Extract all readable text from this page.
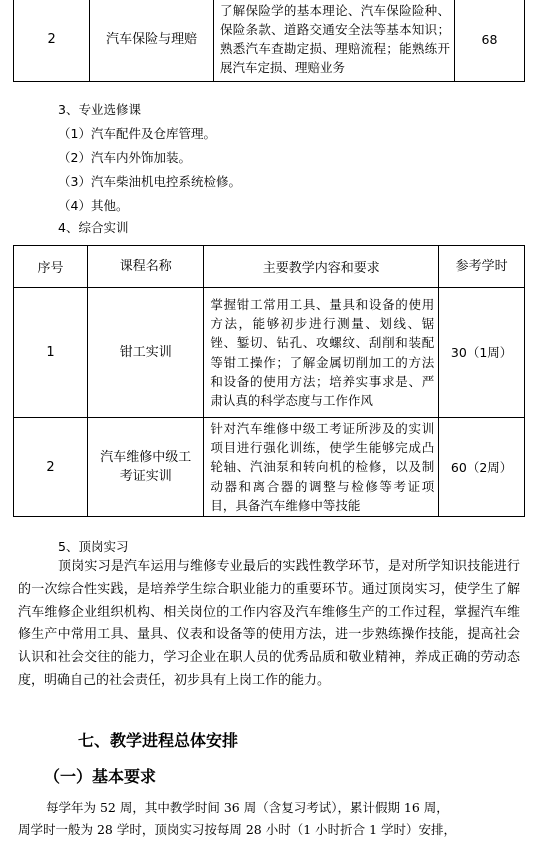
2	汽车保险与理赔	了解保险学的基本理论、汽车保险险种、保险条款、道路交通安全法等基本知识；熟悉汽车查勘定损、理赔流程；能熟练开展汽车定损、理赔业务	68
3、专业选修课
（1）汽车配件及仓库管理。
（2）汽车内外饰加装。
（3）汽车柴油机电控系统检修。
（4）其他。
4、综合实训
序号	课程名称	主要教学内容和要求	参考学时
1	钳工实训	掌握钳工常用工具、量具和设备的使用方法，能够初步进行测量、划线、锯锉、錾切、钻孔、攻螺纹、刮削和装配等钳工操作；了解金属切削加工的方法和设备的使用方法；培养实事求是、严肃认真的科学态度与工作作风	30（1周）
2	汽车维修中级工考证实训	针对汽车维修中级工考证所涉及的实训项目进行强化训练，使学生能够完成凸轮轴、汽油泵和转向机的检修，以及制动器和离合器的调整与检修等考证项目，具备汽车维修中等技能	60（2周）
5、顶岗实习

顶岗实习是汽车运用与维修专业最后的实践性教学环节，是对所学知识技能进行的一次综合性实践，是培养学生综合职业能力的重要环节。通过顶岗实习，使学生了解汽车维修企业组织机构、相关岗位的工作内容及汽车维修生产的工作过程，掌握汽车维修生产中常用工具、量具、仪表和设备等的使用方法，进一步熟练操作技能，提高社会认识和社会交往的能力，学习企业在职人员的优秀品质和敬业精神，养成正确的劳动态度，明确自己的社会责任，初步具有上岗工作的能力。

七、教学进程总体安排
（一）基本要求

每学年为 52 周，其中教学时间 36 周（含复习考试），累计假期 16 周，

周学时一般为 28 学时，顶岗实习按每周 28 小时（1 小时折合 1 学时）安排，
